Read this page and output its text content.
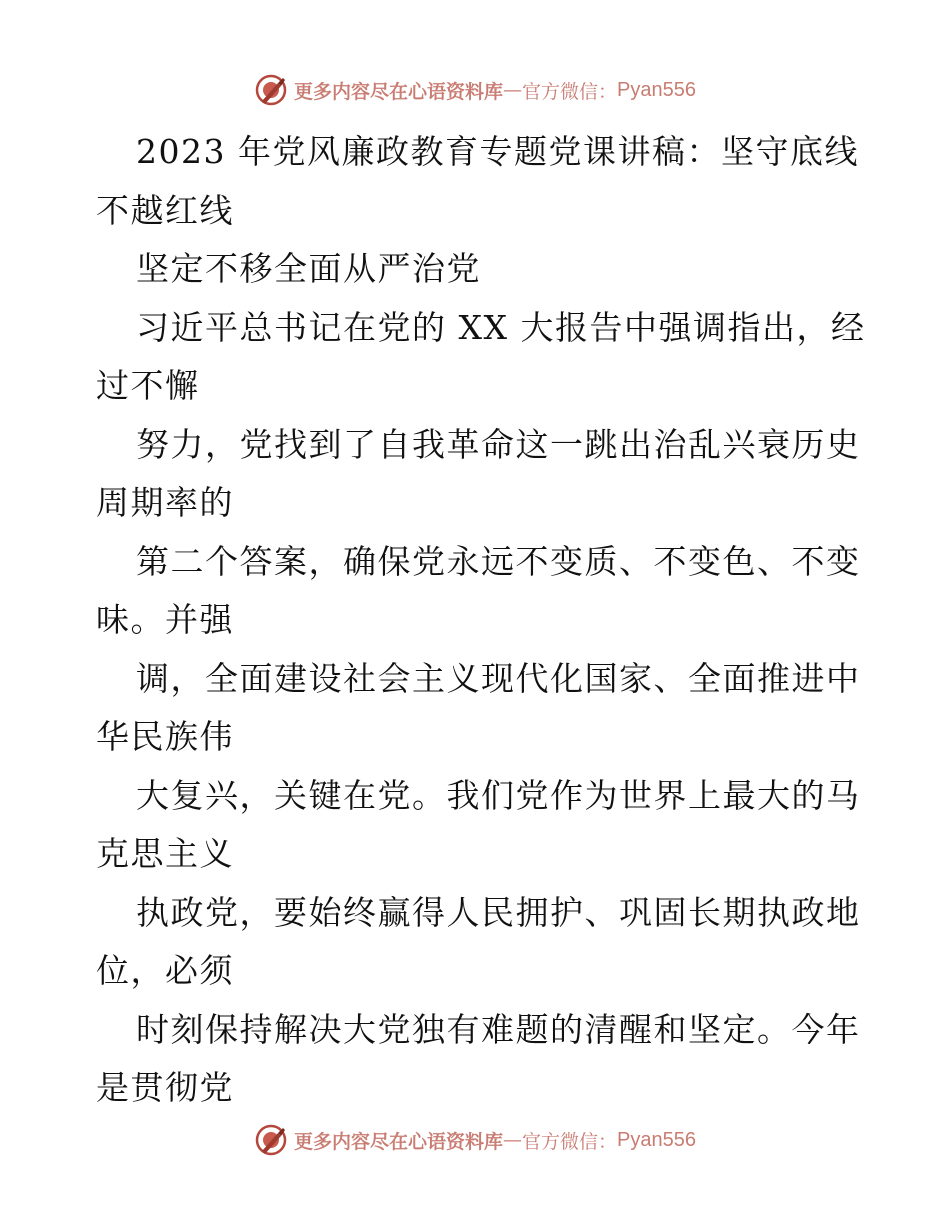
更多内容尽在心语资料库 — 官方微信： Pyan556
2023 年党风廉政教育专题党课讲稿：坚守底线
不越红线
坚定不移全面从严治党
习近平总书记在党的 XX 大报告中强调指出，经
过不懈
努力，党找到了自我革命这一跳出治乱兴衰历史
周期率的
第二个答案，确保党永远不变质、不变色、不变
味。并强
调，全面建设社会主义现代化国家、全面推进中
华民族伟
大复兴，关键在党。我们党作为世界上最大的马
克思主义
执政党，要始终赢得人民拥护、巩固长期执政地
位，必须
时刻保持解决大党独有难题的清醒和坚定。今年
是贯彻党
更多内容尽在心语资料库 — 官方微信： Pyan556
